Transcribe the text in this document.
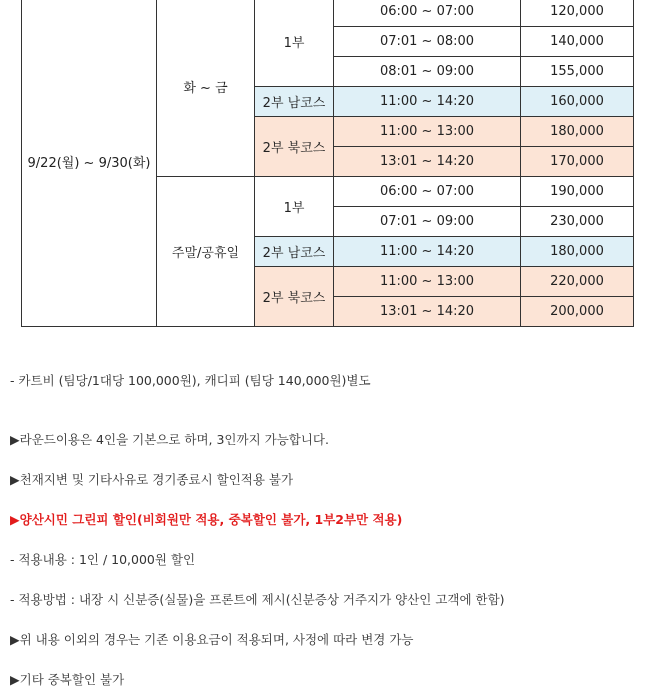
9/22(월) ~ 9/30(화)	화 ~ 금	1부	06:00 ~ 07:00	120,000
			07:01 ~ 08:00	140,000
			08:01 ~ 09:00	155,000
		2부 남코스	11:00 ~ 14:20	160,000
		2부 북코스	11:00 ~ 13:00	180,000
			13:01 ~ 14:20	170,000
	주말/공휴일	1부	06:00 ~ 07:00	190,000
			07:01 ~ 09:00	230,000
		2부 남코스	11:00 ~ 14:20	180,000
		2부 북코스	11:00 ~ 13:00	220,000
			13:01 ~ 14:20	200,000
- 카트비 (팀당/1대당 100,000원), 캐디피 (팀당 140,000원)별도
▶라운드이용은 4인을 기본으로 하며, 3인까지 가능합니다.
▶천재지변 및 기타사유로 경기종료시 할인적용 불가
▶양산시민 그린피 할인(비회원만 적용, 중복할인 불가, 1부2부만 적용)
- 적용내용 : 1인 / 10,000원 할인
- 적용방법 : 내장 시 신분증(실물)을 프론트에 제시(신분증상 거주지가 양산인 고객에 한함)
▶위 내용 이외의 경우는 기존 이용요금이 적용되며, 사정에 따라 변경 가능
▶기타 중복할인 불가
